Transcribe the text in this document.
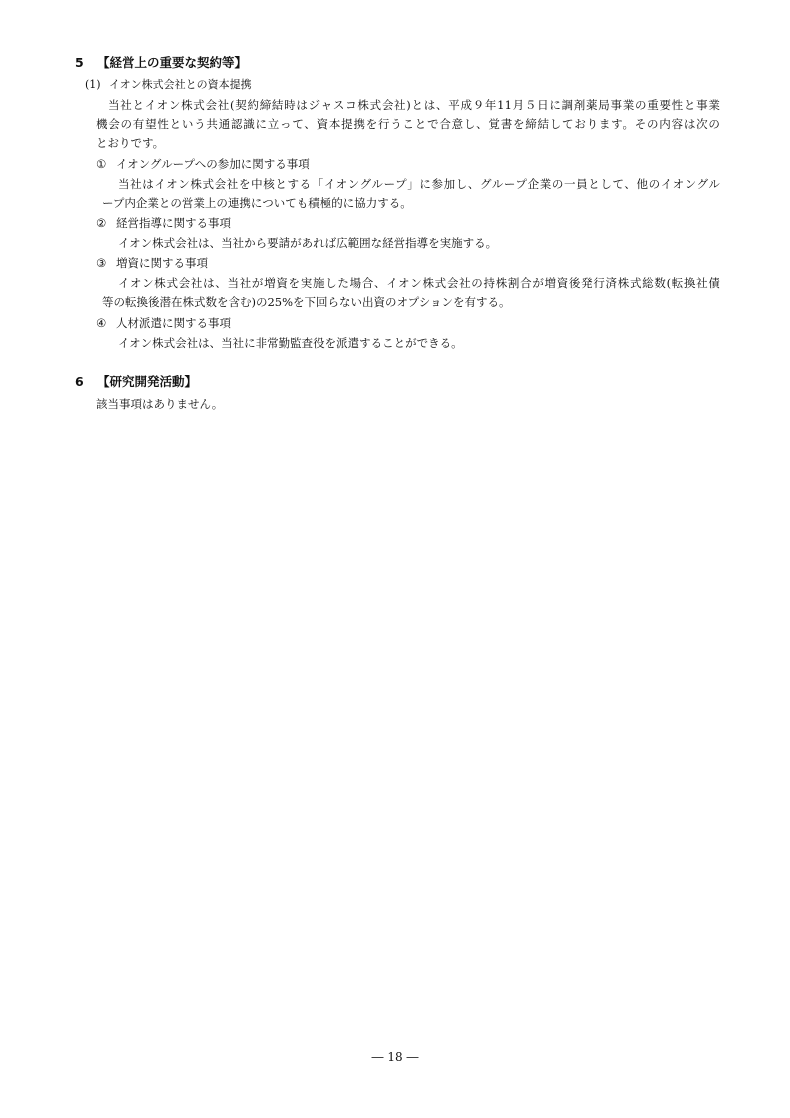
5 【経営上の重要な契約等】
(1) イオン株式会社との資本提携
当社とイオン株式会社(契約締結時はジャスコ株式会社)とは、平成９年11月５日に調剤薬局事業の重要性と事業
機会の有望性という共通認識に立って、資本提携を行うことで合意し、覚書を締結しております。その内容は次の
とおりです。
① イオングループへの参加に関する事項
当社はイオン株式会社を中核とする「イオングループ」に参加し、グループ企業の一員として、他のイオングル
ープ内企業との営業上の連携についても積極的に協力する。
② 経営指導に関する事項
イオン株式会社は、当社から要請があれば広範囲な経営指導を実施する。
③ 増資に関する事項
イオン株式会社は、当社が増資を実施した場合、イオン株式会社の持株割合が増資後発行済株式総数(転換社債
等の転換後潜在株式数を含む)の25%を下回らない出資のオプションを有する。
④ 人材派遣に関する事項
イオン株式会社は、当社に非常勤監査役を派遣することができる。
6 【研究開発活動】
該当事項はありません。
― 18 ―
